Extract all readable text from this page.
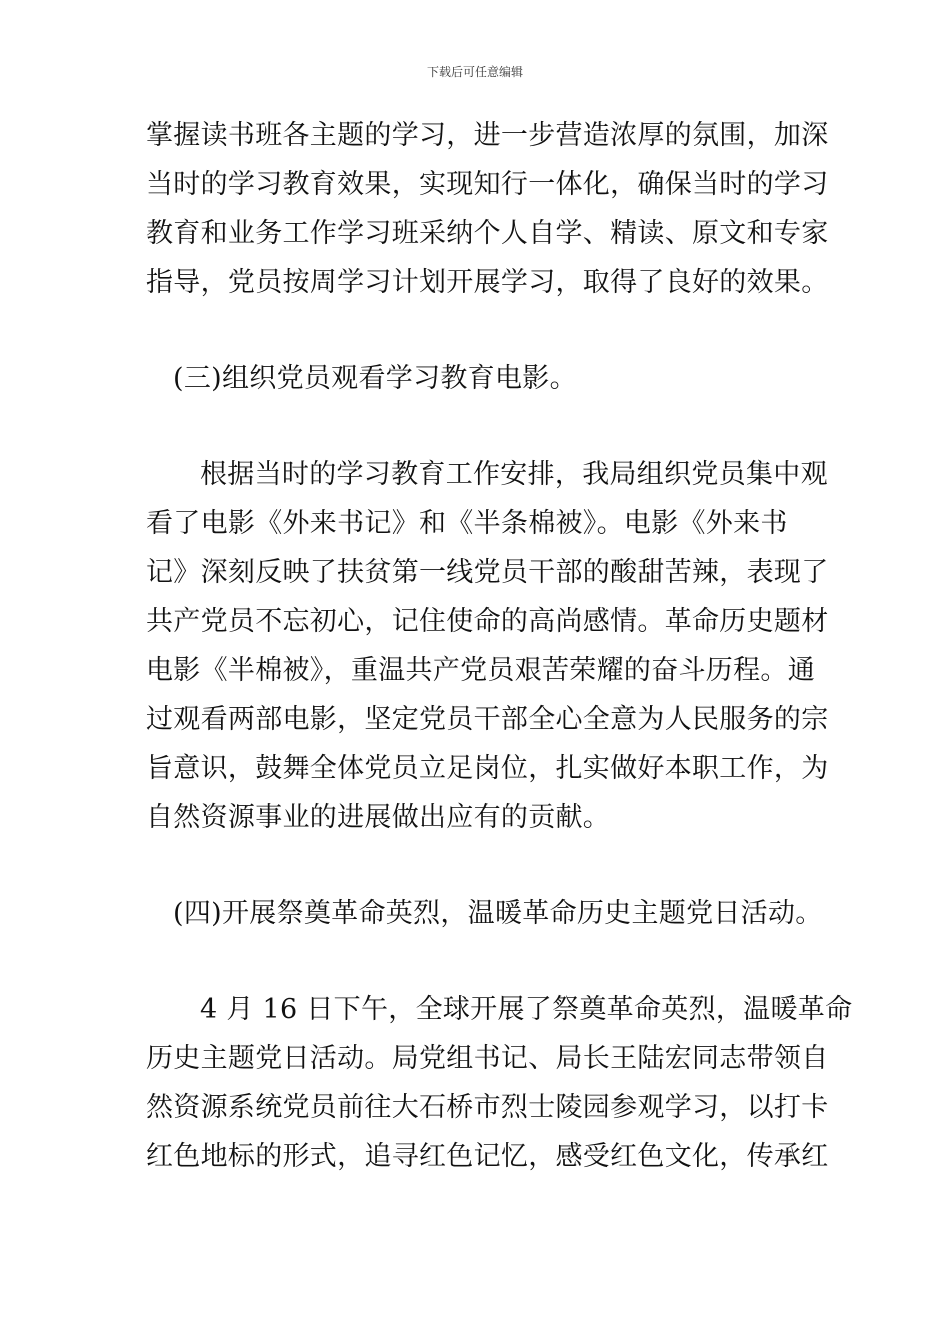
下载后可任意编辑
掌握读书班各主题的学习，进一步营造浓厚的氛围，加深
当时的学习教育效果，实现知行一体化，确保当时的学习
教育和业务工作学习班采纳个人自学、精读、原文和专家
指导，党员按周学习计划开展学习，取得了良好的效果。
(三)组织党员观看学习教育电影。
根据当时的学习教育工作安排，我局组织党员集中观
看了电影《外来书记》和《半条棉被》。电影《外来书
记》深刻反映了扶贫第一线党员干部的酸甜苦辣，表现了
共产党员不忘初心，记住使命的高尚感情。革命历史题材
电影《半棉被》，重温共产党员艰苦荣耀的奋斗历程。通
过观看两部电影，坚定党员干部全心全意为人民服务的宗
旨意识，鼓舞全体党员立足岗位，扎实做好本职工作，为
自然资源事业的进展做出应有的贡献。
(四)开展祭奠革命英烈，温暖革命历史主题党日活动。
4 月 16 日下午，全球开展了祭奠革命英烈，温暖革命
历史主题党日活动。局党组书记、局长王陆宏同志带领自
然资源系统党员前往大石桥市烈士陵园参观学习，以打卡
红色地标的形式，追寻红色记忆，感受红色文化，传承红
